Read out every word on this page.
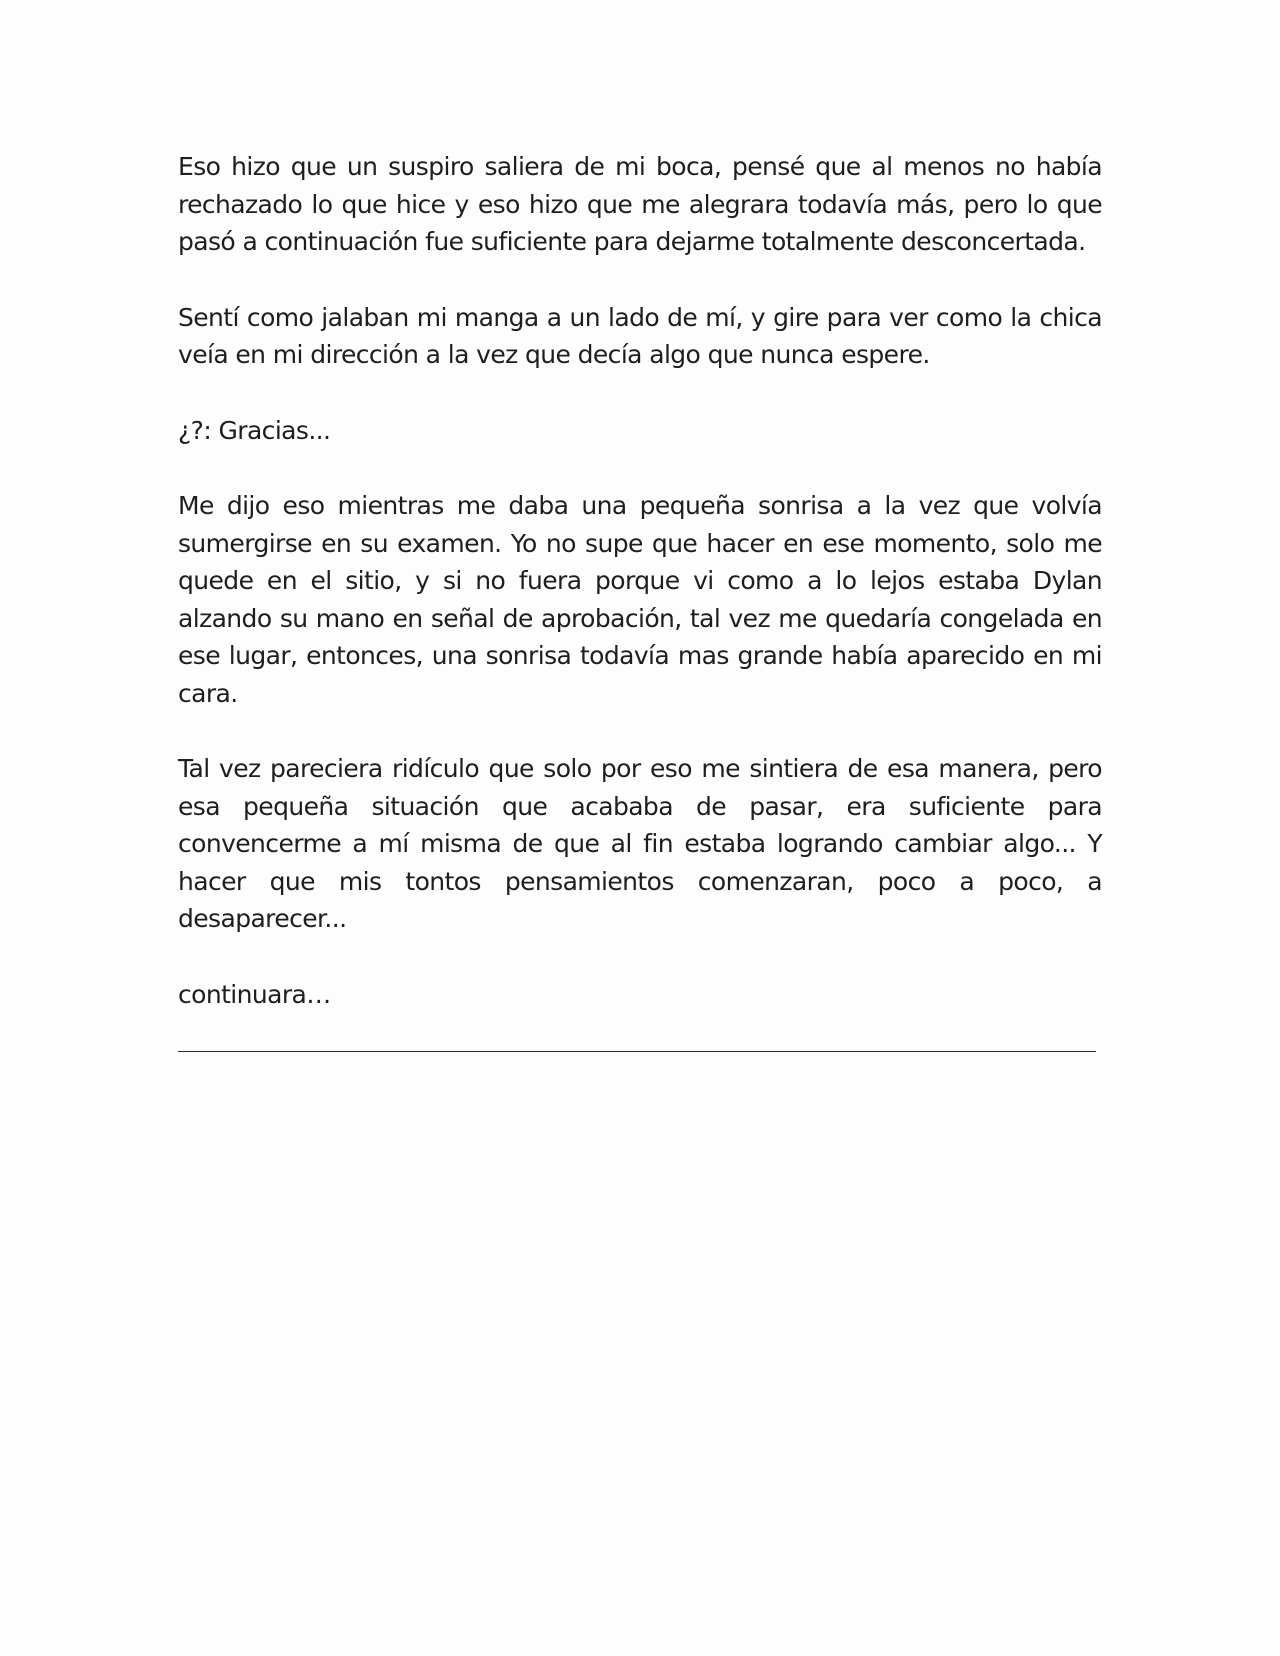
Eso hizo que un suspiro saliera de mi boca, pensé que al menos no había rechazado lo que hice y eso hizo que me alegrara todavía más, pero lo que pasó a continuación fue suficiente para dejarme totalmente desconcertada.

Sentí como jalaban mi manga a un lado de mí, y gire para ver como la chica veía en mi dirección a la vez que decía algo que nunca espere.

¿?: Gracias...

Me dijo eso mientras me daba una pequeña sonrisa a la vez que volvía sumergirse en su examen. Yo no supe que hacer en ese momento, solo me quede en el sitio, y si no fuera porque vi como a lo lejos estaba Dylan alzando su mano en señal de aprobación, tal vez me quedaría congelada en ese lugar, entonces, una sonrisa todavía mas grande había aparecido en mi cara.

Tal vez pareciera ridículo que solo por eso me sintiera de esa manera, pero esa pequeña situación que acababa de pasar, era suficiente para convencerme a mí misma de que al fin estaba logrando cambiar algo... Y hacer que mis tontos pensamientos comenzaran, poco a poco, a desaparecer...

continuara…
